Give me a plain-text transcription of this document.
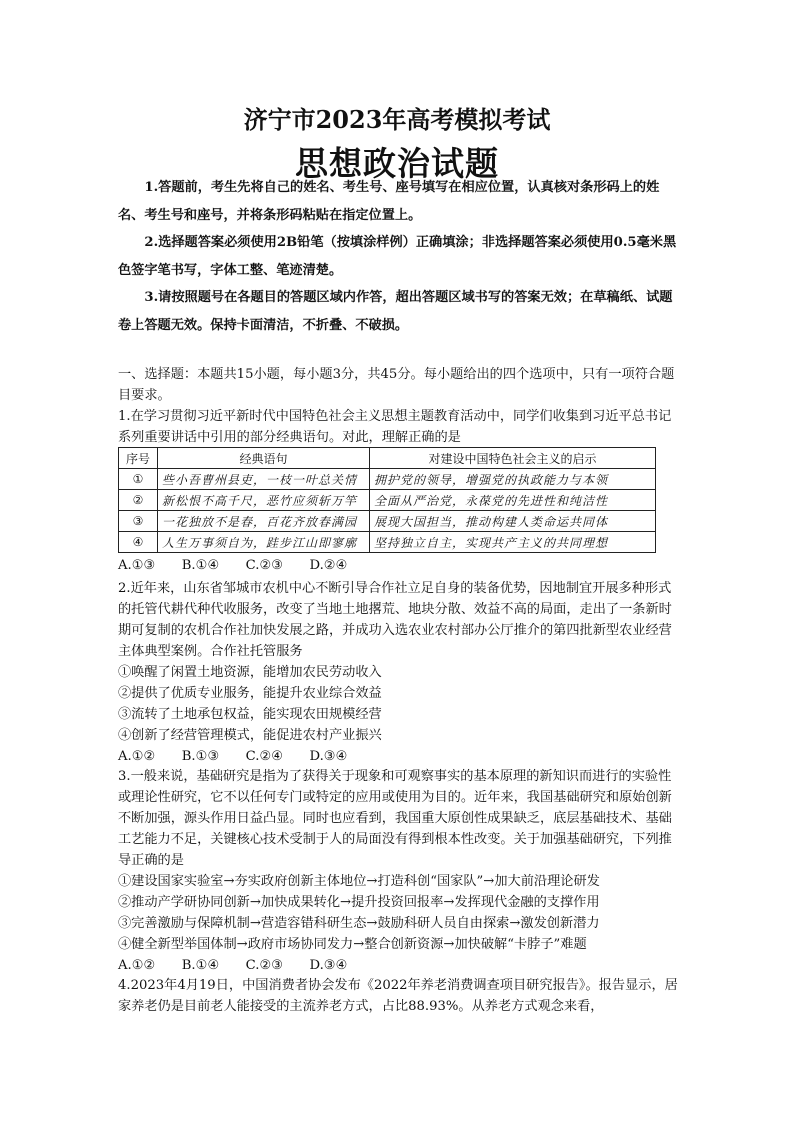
济宁市2023年高考模拟考试
思想政治试题

1.答题前，考生先将自己的姓名、考生号、座号填写在相应位置，认真核对条形码上的姓名、考生号和座号，并将条形码粘贴在指定位置上。

2.选择题答案必须使用2B铅笔（按填涂样例）正确填涂；非选择题答案必须使用0.5毫米黑色签字笔书写，字体工整、笔迹清楚。

3.请按照题号在各题目的答题区域内作答，超出答题区域书写的答案无效；在草稿纸、试题卷上答题无效。保持卡面清洁，不折叠、不破损。

一、选择题：本题共15小题，每小题3分，共45分。每小题给出的四个选项中，只有一项符合题目要求。

1.在学习贯彻习近平新时代中国特色社会主义思想主题教育活动中，同学们收集到习近平总书记系列重要讲话中引用的部分经典语句。对此，理解正确的是

序号	经典语句	对建设中国特色社会主义的启示
①	些小吾曹州县吏，一枝一叶总关情	拥护党的领导，增强党的执政能力与本领
②	新松恨不高千尺，恶竹应须斩万竿	全面从严治党，永葆党的先进性和纯洁性
③	一花独放不是春，百花齐放春满园	展现大国担当，推动构建人类命运共同体
④	人生万事须自为，跬步江山即寥廓	坚持独立自主，实现共产主义的共同理想

A.①③　　B.①④　　C.②③　　D.②④

2.近年来，山东省邹城市农机中心不断引导合作社立足自身的装备优势，因地制宜开展多种形式的托管代耕代种代收服务，改变了当地土地撂荒、地块分散、效益不高的局面，走出了一条新时期可复制的农机合作社加快发展之路，并成功入选农业农村部办公厅推介的第四批新型农业经营主体典型案例。合作社托管服务

①唤醒了闲置土地资源，能增加农民劳动收入

②提供了优质专业服务，能提升农业综合效益

③流转了土地承包权益，能实现农田规模经营

④创新了经营管理模式，能促进农村产业振兴

A.①②　　B.①③　　C.②④　　D.③④

3.一般来说，基础研究是指为了获得关于现象和可观察事实的基本原理的新知识而进行的实验性或理论性研究，它不以任何专门或特定的应用或使用为目的。近年来，我国基础研究和原始创新不断加强，源头作用日益凸显。同时也应看到，我国重大原创性成果缺乏，底层基础技术、基础工艺能力不足，关键核心技术受制于人的局面没有得到根本性改变。关于加强基础研究，下列推导正确的是

①建设国家实验室→夯实政府创新主体地位→打造科创“国家队”→加大前沿理论研发

②推动产学研协同创新→加快成果转化→提升投资回报率→发挥现代金融的支撑作用

③完善激励与保障机制→营造容错科研生态→鼓励科研人员自由探索→激发创新潜力

④健全新型举国体制→政府市场协同发力→整合创新资源→加快破解“卡脖子”难题

A.①②　　B.①④　　C.②③　　D.③④

4.2023年4月19日，中国消费者协会发布《2022年养老消费调查项目研究报告》。报告显示，居家养老仍是目前老人能接受的主流养老方式，占比88.93%。从养老方式观念来看，
